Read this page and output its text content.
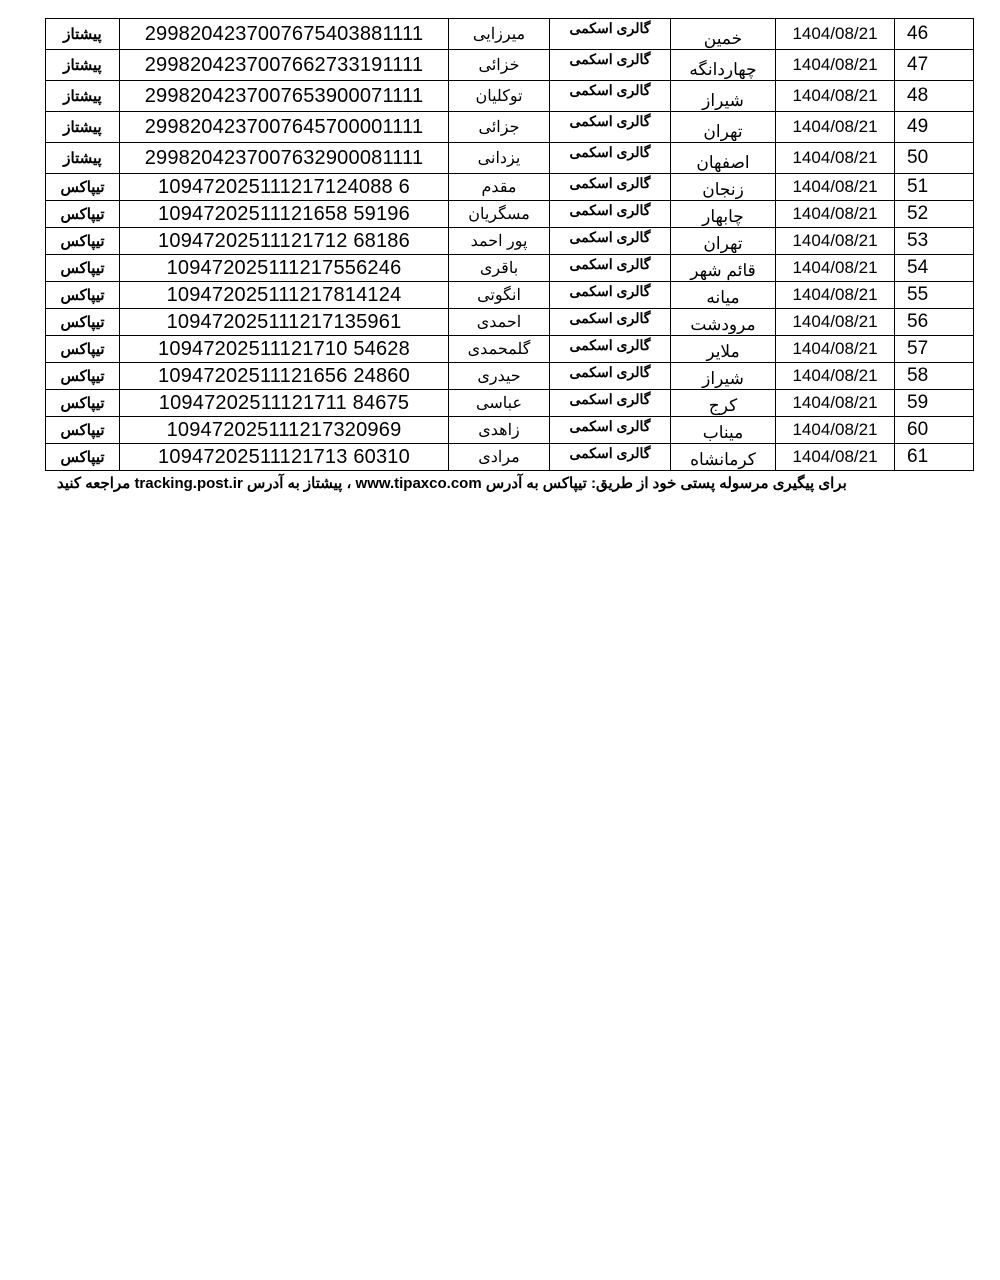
پیشتاز	2998204237007675403881111	میرزایی	گالری اسکمی	خمین	1404/08/21	46
پیشتاز	2998204237007662733191111	خزائی	گالری اسکمی	چهاردانگه	1404/08/21	47
پیشتاز	2998204237007653900071111	توکلیان	گالری اسکمی	شیراز	1404/08/21	48
پیشتاز	2998204237007645700001111	جزائی	گالری اسکمی	تهران	1404/08/21	49
پیشتاز	2998204237007632900081111	یزدانی	گالری اسکمی	اصفهان	1404/08/21	50
تیپاکس	109472025111217124088 6	مقدم	گالری اسکمی	زنجان	1404/08/21	51
تیپاکس	10947202511121658 59196	مسگریان	گالری اسکمی	چابهار	1404/08/21	52
تیپاکس	10947202511121712 68186	پور احمد	گالری اسکمی	تهران	1404/08/21	53
تیپاکس	109472025111217556246	باقری	گالری اسکمی	قائم شهر	1404/08/21	54
تیپاکس	109472025111217814124	انگوتی	گالری اسکمی	میانه	1404/08/21	55
تیپاکس	109472025111217135961	احمدی	گالری اسکمی	مرودشت	1404/08/21	56
تیپاکس	10947202511121710 54628	گلمحمدی	گالری اسکمی	ملایر	1404/08/21	57
تیپاکس	10947202511121656 24860	حیدری	گالری اسکمی	شیراز	1404/08/21	58
تیپاکس	10947202511121711 84675	عباسی	گالری اسکمی	کرج	1404/08/21	59
تیپاکس	109472025111217320969	زاهدی	گالری اسکمی	میناب	1404/08/21	60
تیپاکس	10947202511121713 60310	مرادی	گالری اسکمی	کرمانشاه	1404/08/21	61
برای پیگیری مرسوله پستی خود از طریق: تیپاکس به آدرس www.tipaxco.com ، پیشتاز به آدرس tracking.post.ir مراجعه کنید
